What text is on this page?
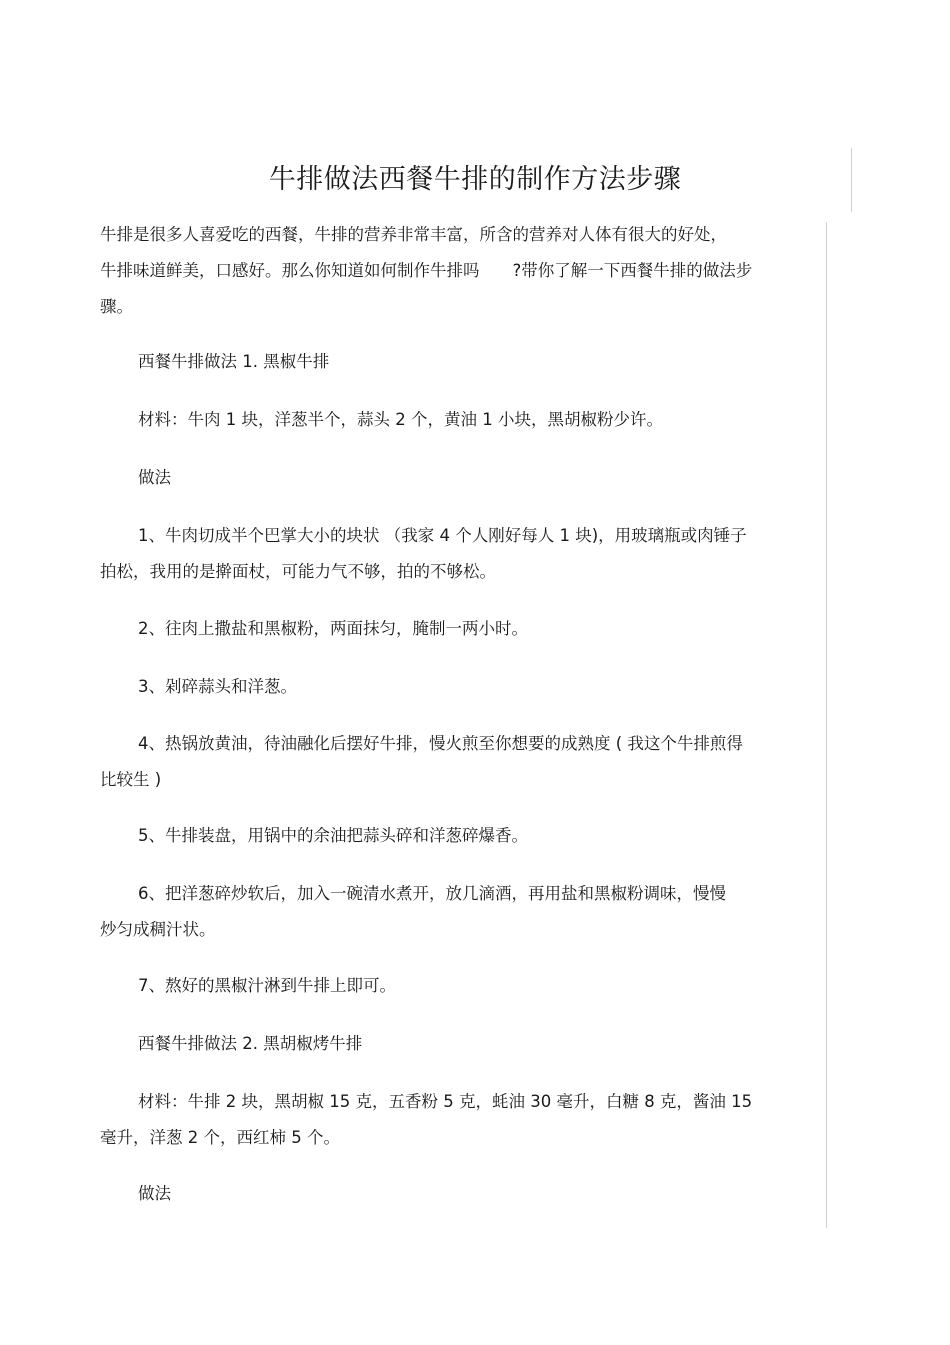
牛排做法西餐牛排的制作方法步骤
牛排是很多人喜爱吃的西餐，牛排的营养非常丰富，所含的营养对人体有很大的好处，
牛排味道鲜美，口感好。那么你知道如何制作牛排吗　　?带你了解一下西餐牛排的做法步
骤。
西餐牛排做法 1. 黑椒牛排
材料：牛肉 1 块，洋葱半个，蒜头 2 个，黄油 1 小块，黑胡椒粉少许。
做法
1、牛肉切成半个巴掌大小的块状 （我家 4 个人刚好每人 1 块)，用玻璃瓶或肉锤子
拍松，我用的是擀面杖，可能力气不够，拍的不够松。
2、往肉上撒盐和黑椒粉，两面抹匀，腌制一两小时。
3、剁碎蒜头和洋葱。
4、热锅放黄油，待油融化后摆好牛排，慢火煎至你想要的成熟度 ( 我这个牛排煎得
比较生 )
5、牛排装盘，用锅中的余油把蒜头碎和洋葱碎爆香。
6、把洋葱碎炒软后，加入一碗清水煮开，放几滴酒，再用盐和黑椒粉调味，慢慢
炒匀成稠汁状。
7、熬好的黑椒汁淋到牛排上即可。
西餐牛排做法 2. 黑胡椒烤牛排
材料：牛排 2 块，黑胡椒 15 克，五香粉 5 克，蚝油 30 毫升，白糖 8 克，酱油 15
毫升，洋葱 2 个，西红柿 5 个。
做法
